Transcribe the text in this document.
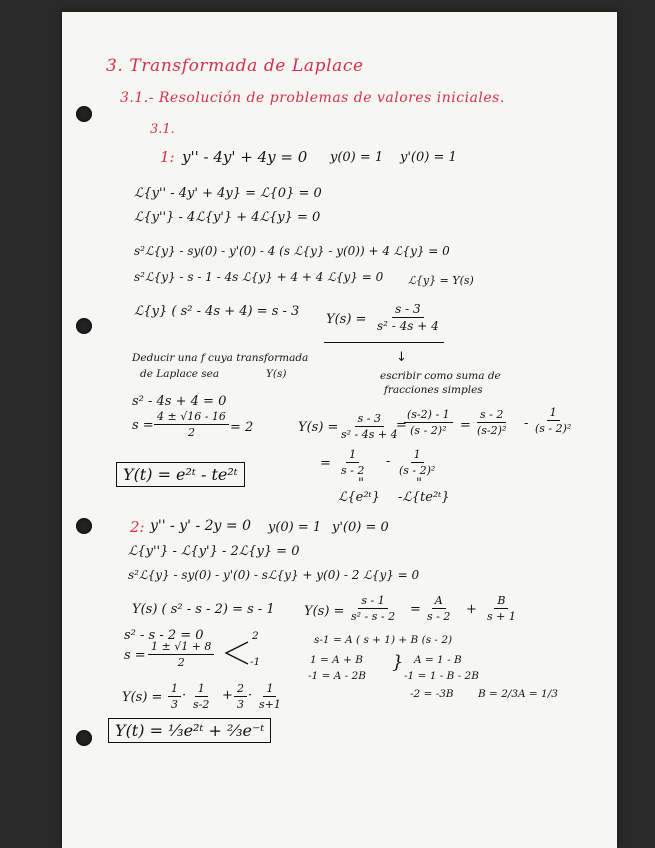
3. Transformada de Laplace
3.1.- Resolución de problemas de valores iniciales.
3.1.
1: y'' - 4y' + 4y = 0 y(0) = 1 y'(0) = 1
ℒ{y'' - 4y' + 4y} = ℒ{0} = 0
ℒ{y''} - 4ℒ{y'} + 4ℒ{y} = 0
s²ℒ{y} - sy(0) - y'(0) - 4 (s ℒ{y} - y(0)) + 4 ℒ{y} = 0
s²ℒ{y} - s - 1 - 4s ℒ{y} + 4 + 4 ℒ{y} = 0 ℒ{y} = Y(s)
ℒ{y} ( s² - 4s + 4) = s - 3
$Y(s) = \frac{s - 3}{\text{s² - 4s + 4}}$
Deducir una f cuya transformada
de Laplace sea	Y(s)
↓
escribir como suma de
fracciones simples
s² - 4s + 4 = 0
$s = \frac{4 \pm √16 - 16}{2} = 2$	$Y(s) = \frac{s - 3}{\text{s² - 4s + 4}}$
=
$\frac{(s-2) - 1}{\text{(s - 2)²}} = \frac{s - 2}{\text{(s-2)²}} - \frac{1}{\text{(s - 2)²}}$
= $\frac{1}{s - 2} - \frac{1}{\text{(s - 2)²}}$
"	"
ℒ{e²ᵗ} -ℒ{te²ᵗ}
Y(t) = e²ᵗ - te²ᵗ
2: y'' - y' - 2y = 0 y(0) = 1 y'(0) = 0
ℒ{y''} - ℒ{y'} - 2ℒ{y} = 0
s²ℒ{y} - sy(0) - y'(0) - sℒ{y} + y(0) - 2 ℒ{y} = 0
Y(s) ( s² - s - 2) = s - 1 $Y(s) = \frac{s - 1}{\text{s² - s - 2}} = \frac{A}{s - 2} + \frac{B}{s + 1}$
s² - s - 2 = 0
$s = \frac{1 \pm √1 + 8}{2}$
2
-1
s-1 = A ( s + 1) + B (s - 2)
1 = A + B
-1 = A - 2B
} A = 1 - B
-1 = 1 - B - 2B
-2 = -3B B = 2/3 A = 1/3
$Y(s) = \frac{1}{3} \cdot \frac{1}{s-2} + \frac{2}{3} \cdot \frac{1}{s+1}$
Y(t) = ⅓e²ᵗ + ⅔e⁻ᵗ
